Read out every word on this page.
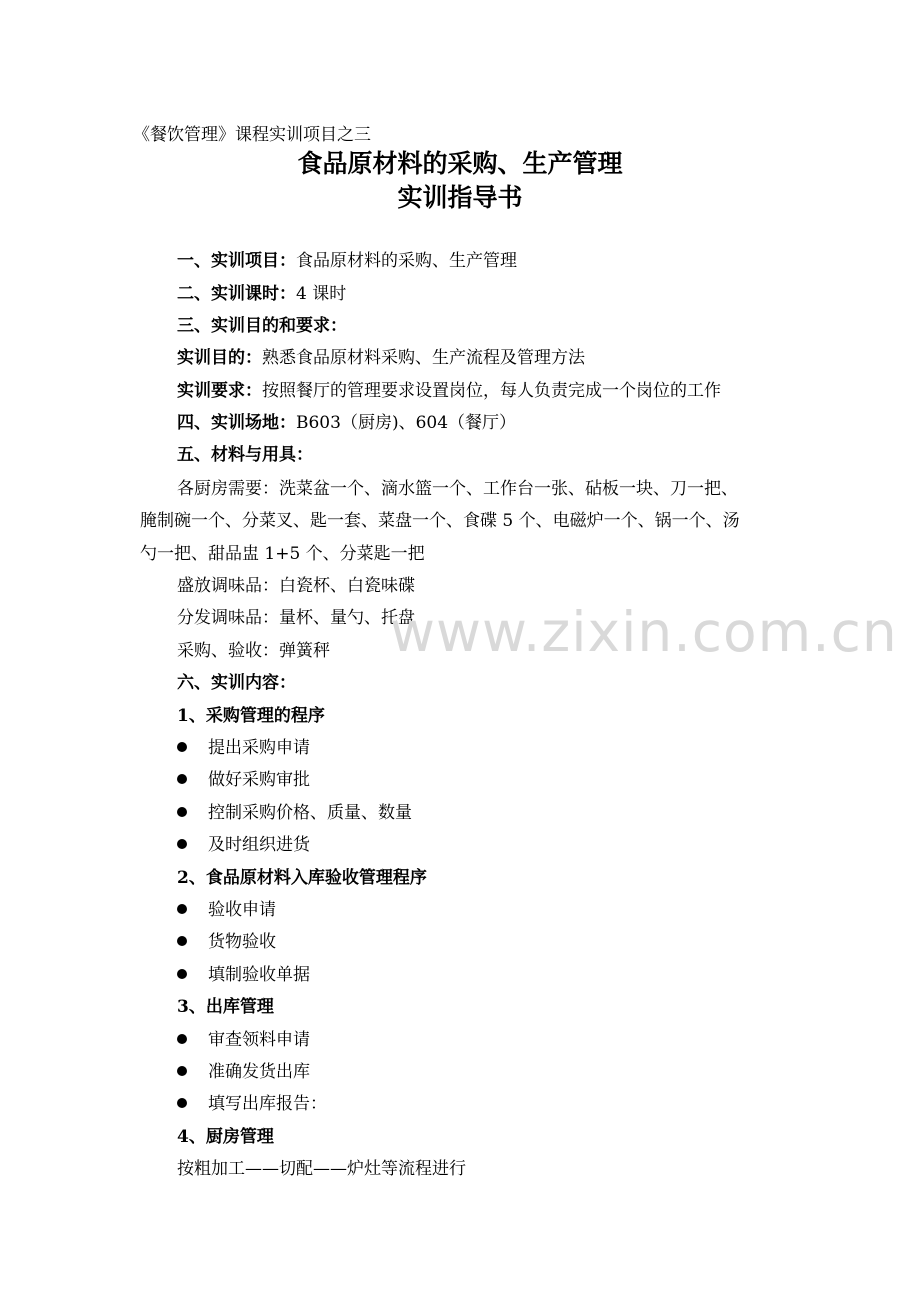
《餐饮管理》课程实训项目之三
食品原材料的采购、生产管理
实训指导书
一、实训项目：食品原材料的采购、生产管理
二、实训课时：4 课时
三、实训目的和要求：
实训目的：熟悉食品原材料采购、生产流程及管理方法
实训要求：按照餐厅的管理要求设置岗位，每人负责完成一个岗位的工作
四、实训场地：B603（厨房)、604（餐厅）
五、材料与用具：
各厨房需要：洗菜盆一个、滴水篮一个、工作台一张、砧板一块、刀一把、
腌制碗一个、分菜叉、匙一套、菜盘一个、食碟 5 个、电磁炉一个、锅一个、汤
勺一把、甜品盅 1+5 个、分菜匙一把
盛放调味品：白瓷杯、白瓷味碟
分发调味品：量杯、量勺、托盘
采购、验收：弹簧秤
六、实训内容：
1、采购管理的程序
提出采购申请
做好采购审批
控制采购价格、质量、数量
及时组织进货
2、食品原材料入库验收管理程序
验收申请
货物验收
填制验收单据
3、出库管理
审查领料申请
准确发货出库
填写出库报告：
4、厨房管理
按粗加工——切配——炉灶等流程进行
www.zixin.com.cn
